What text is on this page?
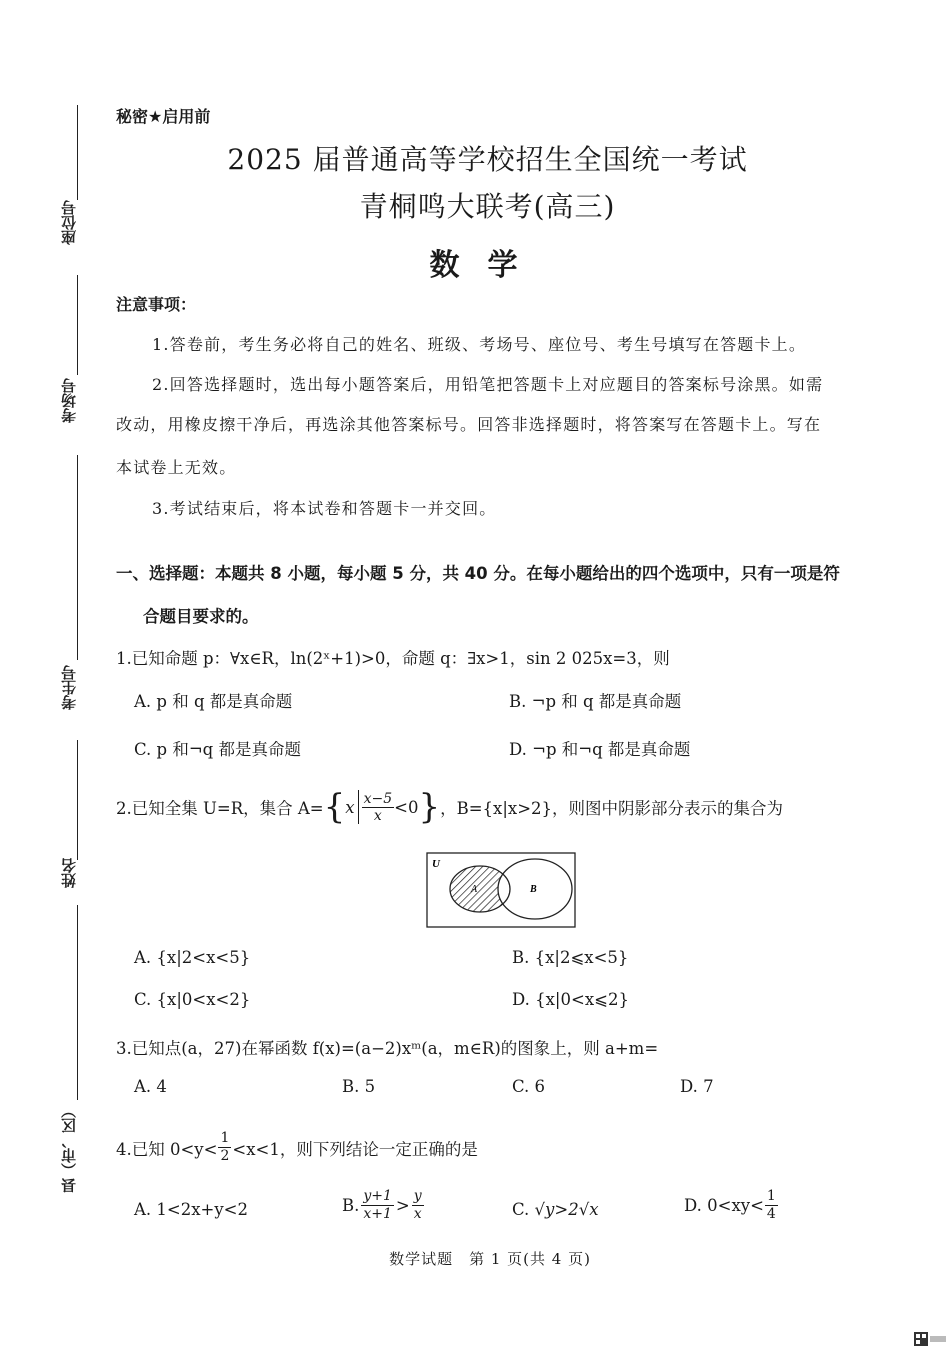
座位号
考场号
考生号
姓名
县（市、区）
秘密★启用前
2025 届普通高等学校招生全国统一考试
青桐鸣大联考(高三)
数学
注意事项：
1.答卷前，考生务必将自己的姓名、班级、考场号、座位号、考生号填写在答题卡上。
2.回答选择题时，选出每小题答案后，用铅笔把答题卡上对应题目的答案标号涂黑。如需
改动，用橡皮擦干净后，再选涂其他答案标号。回答非选择题时，将答案写在答题卡上。写在
本试卷上无效。
3.考试结束后，将本试卷和答题卡一并交回。
一、选择题：本题共 8 小题，每小题 5 分，共 40 分。在每小题给出的四个选项中，只有一项是符
合题目要求的。
1.已知命题 p：∀x∈R，ln(2ˣ+1)>0，命题 q：∃x>1，sin 2 025x=3，则
A. p 和 q 都是真命题	B. ¬p 和 q 都是真命题
C. p 和¬q 都是真命题	D. ¬p 和¬q 都是真命题
2.已知全集 U=R，集合 A= { x $\frac{x-5}{x} <0$ } ，B={x|x>2}，则图中阴影部分表示的集合为
U
A	B
A. {x|2<x<5}	B. {x|2⩽x<5}
C. {x|0<x<2}	D. {x|0<x⩽2}
3.已知点(a，27)在幂函数 f(x)=(a−2)xᵐ(a，m∈R)的图象上，则 a+m=
A. 4	B. 5	C. 6	D. 7
4.已知 $0<y< \frac{1}{2} <x<1$，则下列结论一定正确的是
A. 1<2x+y<2	B. $\frac{y+1}{x+1} > \frac{y}{x}$	C. √y>2√x	D. $0<xy< \frac{1}{4}$
数学试题　第 1 页(共 4 页)
